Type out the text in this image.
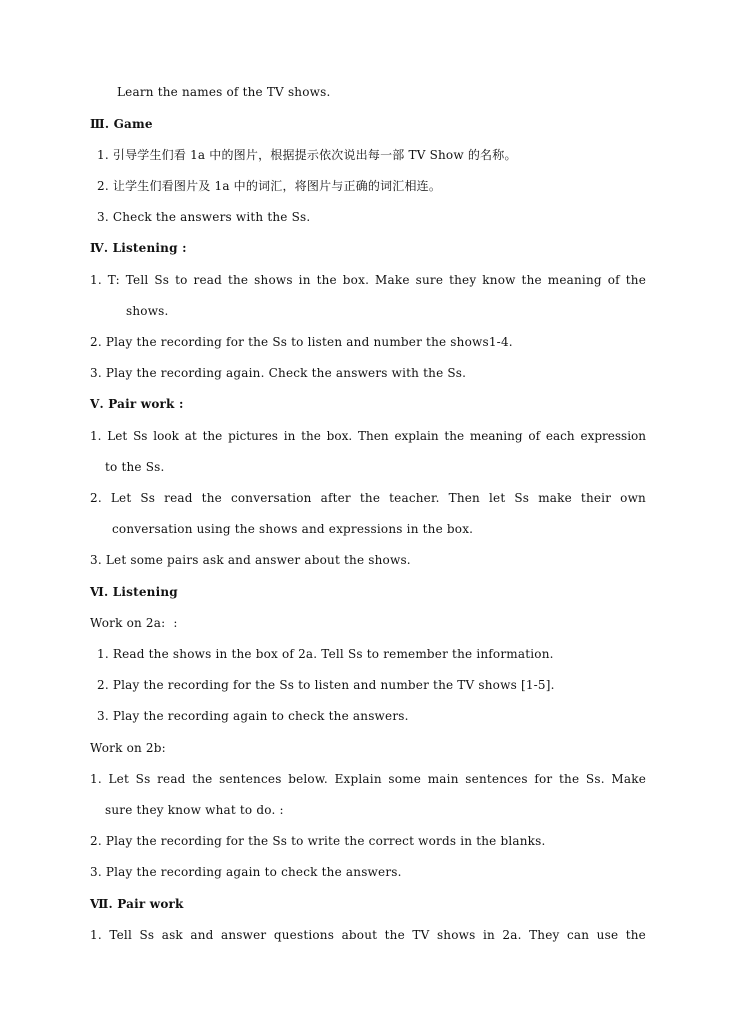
Learn the names of the TV shows.
Ⅲ. Game
1. 引导学生们看 1a 中的图片，根据提示依次说出每一部 TV Show 的名称。
2. 让学生们看图片及 1a 中的词汇，将图片与正确的词汇相连。
3. Check the answers with the Ss.
Ⅳ. Listening :
1. T: Tell Ss to read the shows in the box. Make sure they know the meaning of the
shows.
2. Play the recording for the Ss to listen and number the shows1-4.
3. Play the recording again. Check the answers with the Ss.
Ⅴ. Pair work :
1. Let Ss look at the pictures in the box. Then explain the meaning of each expression
to the Ss.
2. Let Ss read the conversation after the teacher. Then let Ss make their own
conversation using the shows and expressions in the box.
3. Let some pairs ask and answer about the shows.
Ⅵ. Listening
Work on 2a:  :
1. Read the shows in the box of 2a. Tell Ss to remember the information.
2. Play the recording for the Ss to listen and number the TV shows [1-5].
3. Play the recording again to check the answers.
Work on 2b:
1. Let Ss read the sentences below. Explain some main sentences for the Ss. Make
sure they know what to do. :
2. Play the recording for the Ss to write the correct words in the blanks.
3. Play the recording again to check the answers.
Ⅶ. Pair work
1. Tell Ss ask and answer questions about the TV shows in 2a. They can use the
